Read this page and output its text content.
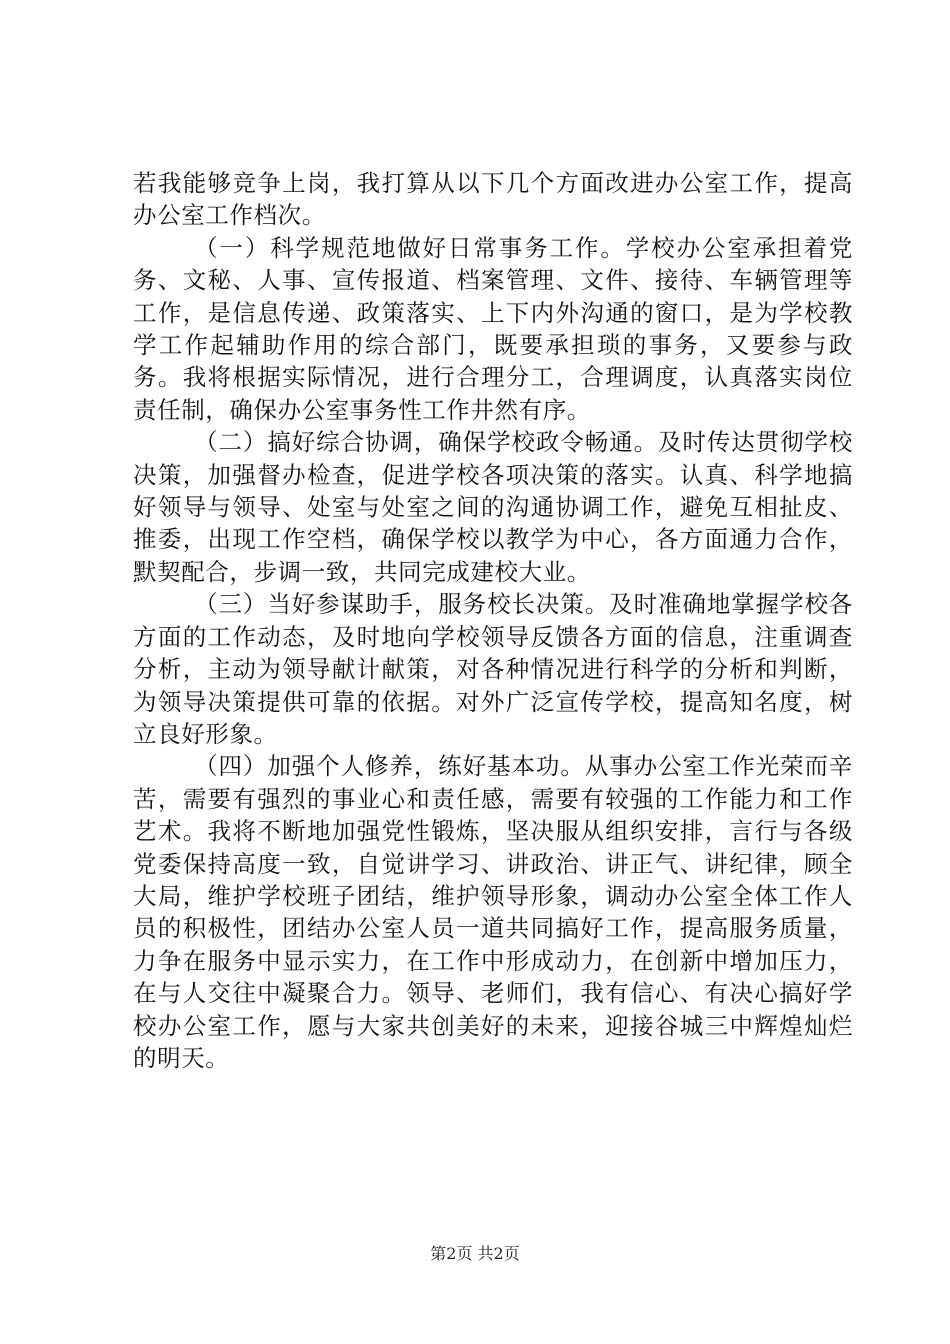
若我能够竞争上岗，我打算从以下几个方面改进办公室工作，提高办公室工作档次。

（一）科学规范地做好日常事务工作。学校办公室承担着党务、文秘、人事、宣传报道、档案管理、文件、接待、车辆管理等工作，是信息传递、政策落实、上下内外沟通的窗口，是为学校教学工作起辅助作用的综合部门，既要承担琐的事务，又要参与政务。我将根据实际情况，进行合理分工，合理调度，认真落实岗位责任制，确保办公室事务性工作井然有序。

（二）搞好综合协调，确保学校政令畅通。及时传达贯彻学校决策，加强督办检查，促进学校各项决策的落实。认真、科学地搞好领导与领导、处室与处室之间的沟通协调工作，避免互相扯皮、推委，出现工作空档，确保学校以教学为中心，各方面通力合作，默契配合，步调一致，共同完成建校大业。

（三）当好参谋助手，服务校长决策。及时准确地掌握学校各方面的工作动态，及时地向学校领导反馈各方面的信息，注重调查分析，主动为领导献计献策，对各种情况进行科学的分析和判断，为领导决策提供可靠的依据。对外广泛宣传学校，提高知名度，树立良好形象。

（四）加强个人修养，练好基本功。从事办公室工作光荣而辛苦，需要有强烈的事业心和责任感，需要有较强的工作能力和工作艺术。我将不断地加强党性锻炼，坚决服从组织安排，言行与各级党委保持高度一致，自觉讲学习、讲政治、讲正气、讲纪律，顾全大局，维护学校班子团结，维护领导形象，调动办公室全体工作人员的积极性，团结办公室人员一道共同搞好工作，提高服务质量，力争在服务中显示实力，在工作中形成动力，在创新中增加压力，在与人交往中凝聚合力。领导、老师们，我有信心、有决心搞好学校办公室工作，愿与大家共创美好的未来，迎接谷城三中辉煌灿烂的明天。

第2页 共2页
